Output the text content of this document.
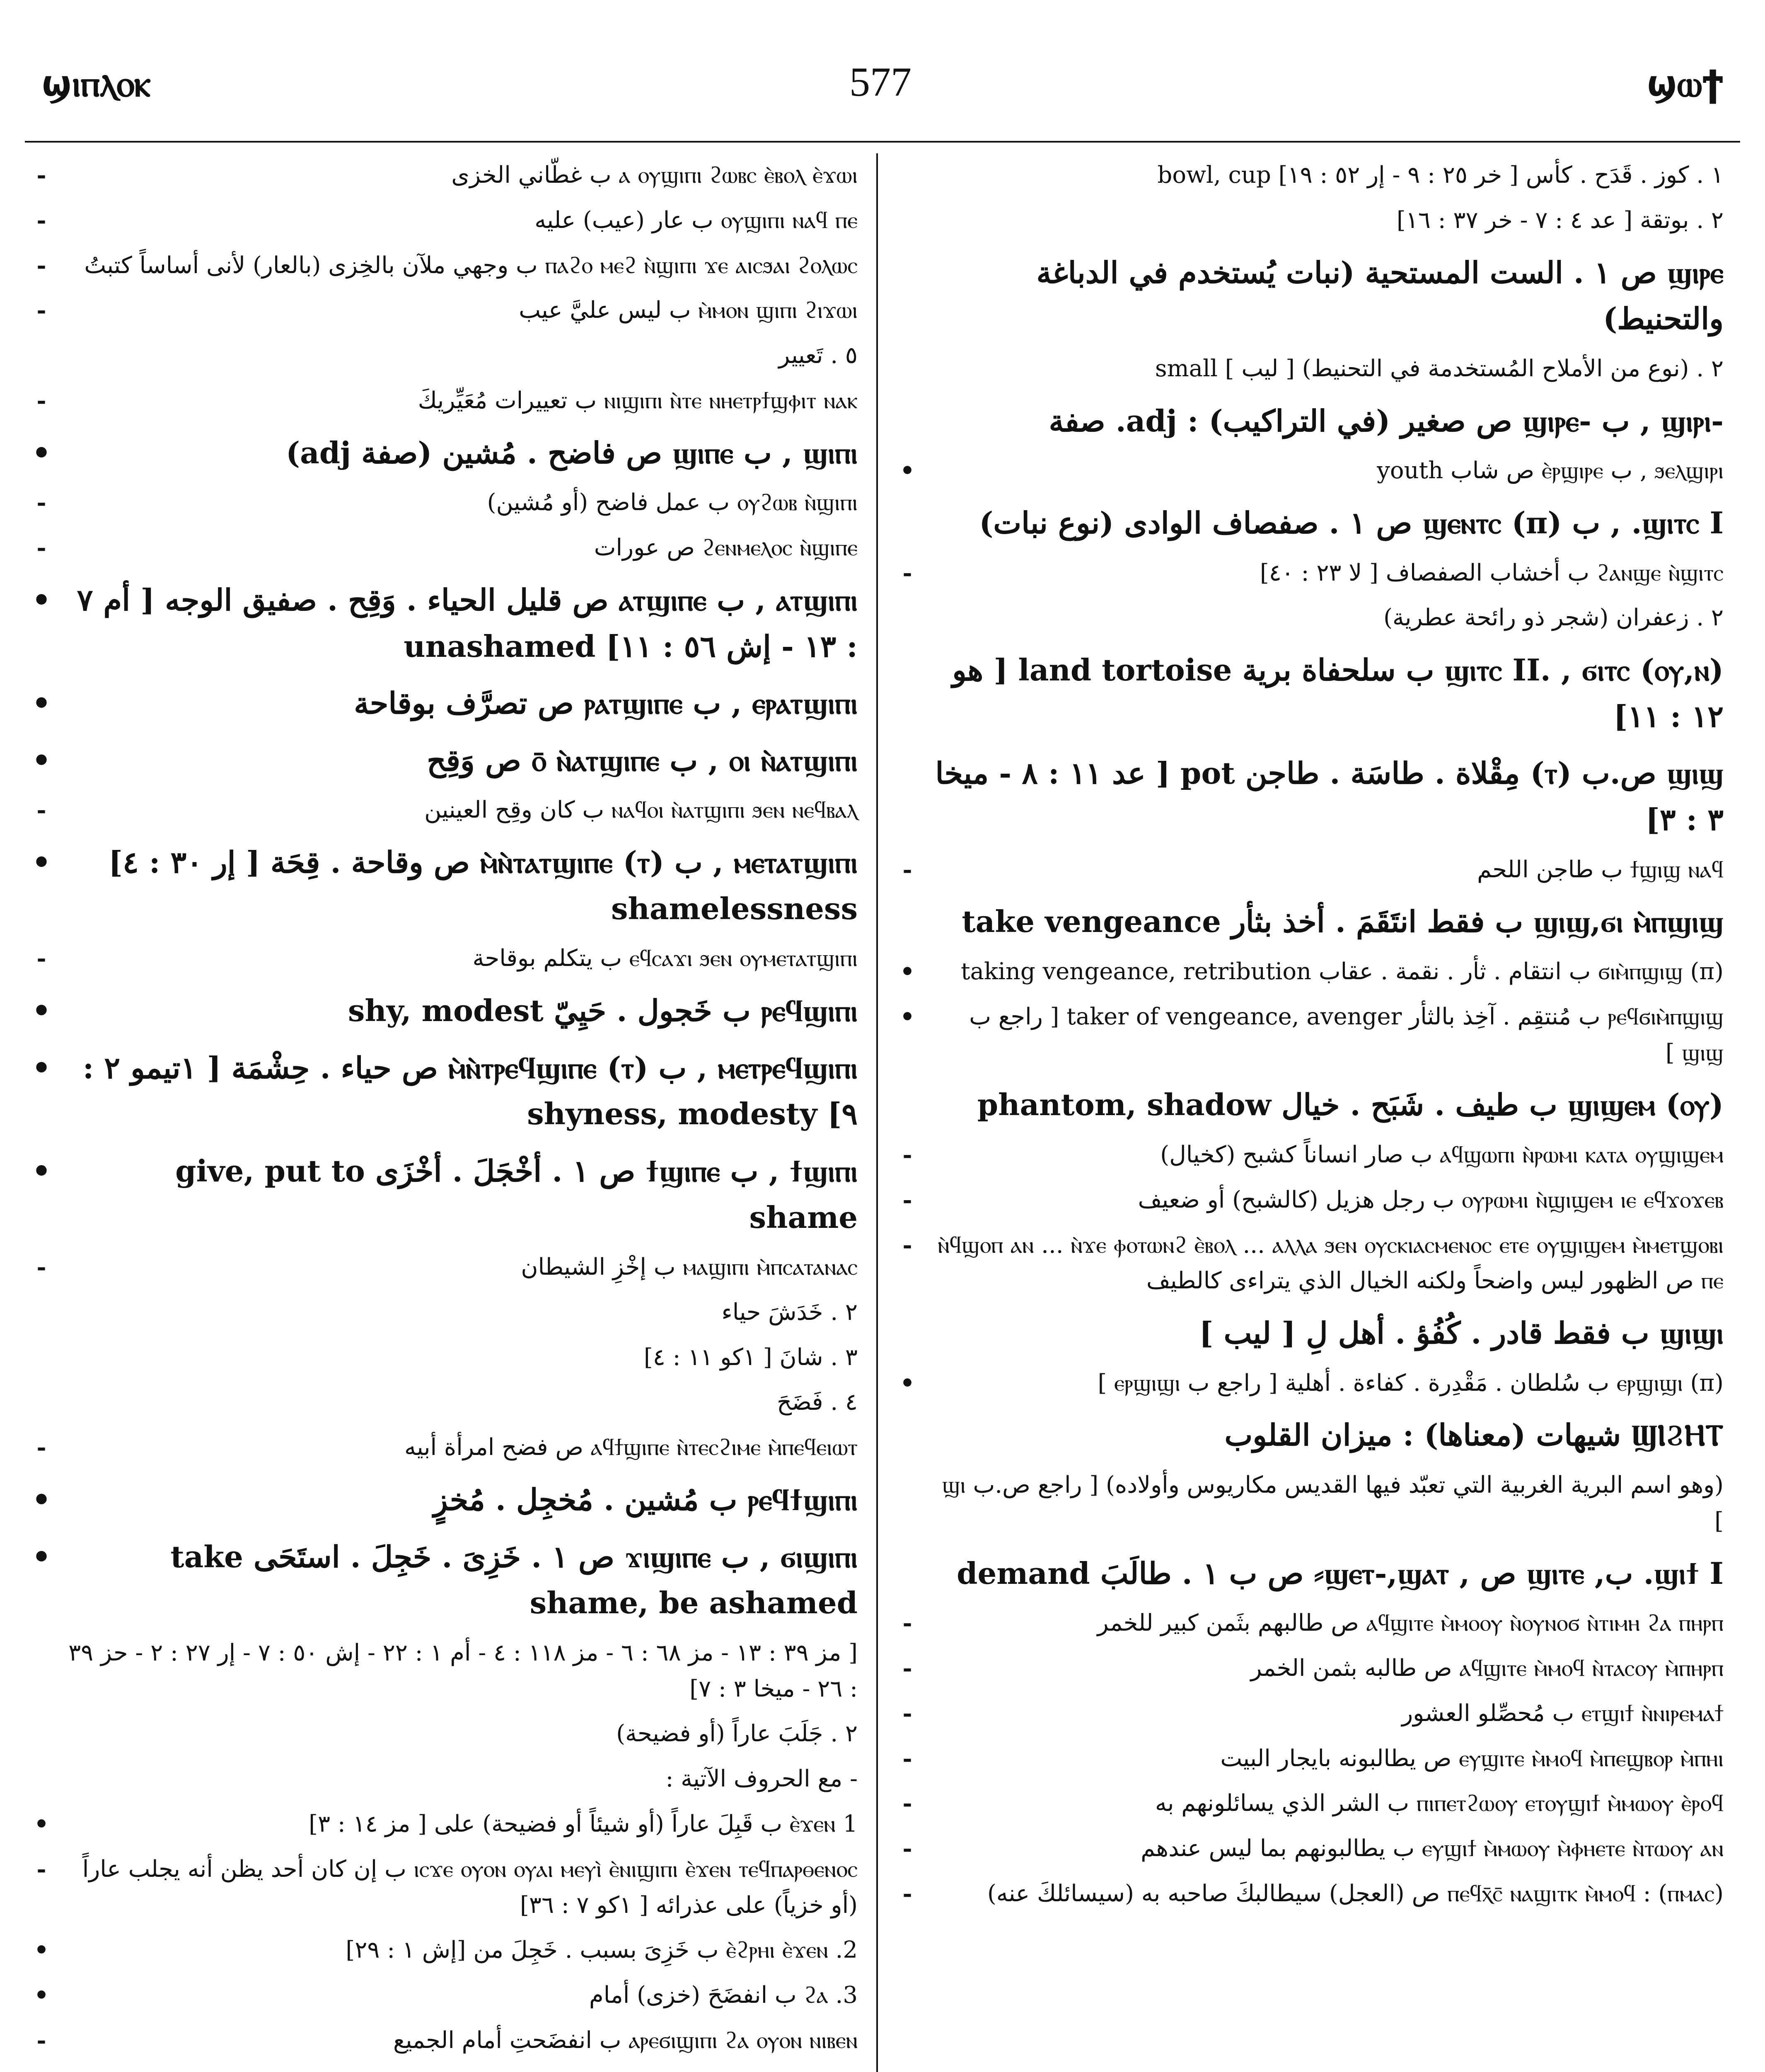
ϣⲓⲡⲗⲟⲕ	577	ϣⲱϯ
-	ⲁ ⲟⲩϣⲓⲡⲓ ϩⲱⲃⲥ ⲉ̀ⲃⲟⲗ ⲉ̀ϫⲱⲓ ب غطّاني الخزى
-	ⲟⲩϣⲓⲡⲓ ⲛⲁϥ ⲡⲉ ب عار (عيب) عليه
-	ⲡⲁϩⲟ ⲙⲉϩ ⲛ̀ϣⲓⲡⲓ ϫⲉ ⲁⲓⲥϧⲁⲓ ϩⲟⲗⲱⲥ ب وجهي ملآن بالخِزى (بالعار) لأنى أساساً كتبتُ
-	ⲙ̀ⲙⲟⲛ ϣⲓⲡⲓ ϩⲓϫⲱⲓ ب ليس عليَّ عيب
٥ . تَعيير
-	ⲛⲓϣⲓⲡⲓ ⲛ̀ⲧⲉ ⲛⲏⲉⲧⲣϯϣⲫⲓⲧ ⲛⲁⲕ ب تعييرات مُعَيِّريكَ
•	ϣⲓⲡⲓ , ب ϣⲓⲡⲉ ص فاضح . مُشين (صفة adj)
-	ⲟⲩϩⲱⲃ ⲛ̀ϣⲓⲡⲓ ب عمل فاضح (أو مُشين)
-	ϩⲉⲛⲙⲉⲗⲟⲥ ⲛ̀ϣⲓⲡⲉ ص عورات
• ⲁⲧϣⲓⲡⲓ , ب ⲁⲧϣⲓⲡⲉ ص قليل الحياء . وَقِح . صفيق الوجه [ أم ٧ : ١٣ - إش ٥٦ : ١١] unashamed
•	ⲉⲣⲁⲧϣⲓⲡⲓ , ب ⲣⲁⲧϣⲓⲡⲉ ص تصرَّف بوقاحة
•	ⲟⲓ ⲛ̀ⲁⲧϣⲓⲡⲓ , ب ⲟ̄ ⲛ̀ⲁⲧϣⲓⲡⲉ ص وَقِح
-	ⲛⲁϥⲟⲓ ⲛ̀ⲁⲧϣⲓⲡⲓ ϧⲉⲛ ⲛⲉϥⲃⲁⲗ ب كان وقِح العينين
•	ⲙⲉⲧⲁⲧϣⲓⲡⲓ , ب ⲙ̀ⲛ̀ⲧⲁⲧϣⲓⲡⲉ (ⲧ) ص وقاحة . قِحَة [ إر ٣٠ : ٤] shamelessness
-	ⲉϥⲥⲁϫⲓ ϧⲉⲛ ⲟⲩⲙⲉⲧⲁⲧϣⲓⲡⲓ ب يتكلم بوقاحة
•	ⲣⲉϥϣⲓⲡⲓ ب خَجول . حَيِيّ shy, modest
•	ⲙⲉⲧⲣⲉϥϣⲓⲡⲓ , ب ⲙ̀ⲛ̀ⲧⲣⲉϥϣⲓⲡⲉ (ⲧ) ص حياء . حِشْمَة [ ١تيمو ٢ : ٩] shyness, modesty
•	ϯϣⲓⲡⲓ , ب ϯϣⲓⲡⲉ ص ١ . أخْجَلَ . أخْزَى give, put to shame
-	ⲙⲁϣⲓⲡⲓ ⲙ̀ⲡⲥⲁⲧⲁⲛⲁⲥ ب إخْزِ الشيطان
٢ . خَدَشَ حياء
٣ . شانَ [ ١كو ١١ : ٤]
٤ . فَضَحَ
-	ⲁϥϯϣⲓⲡⲉ ⲛ̀ⲧⲉⲥϩⲓⲙⲉ ⲙ̀ⲡⲉϥⲉⲓⲱⲧ ص فضح امرأة أبيه
•	ⲣⲉϥϯϣⲓⲡⲓ ب مُشين . مُخجِل . مُخزٍ
•	ϭⲓϣⲓⲡⲓ , ب ϫⲓϣⲓⲡⲉ ص ١ . خَزِىَ . خَجِلَ . استَحَى take shame, be ashamed
[ مز ٣٩ : ١٣ - مز ٦٨ : ٦ - مز ١١٨ : ٤ - أم ١ : ٢٢ - إش ٥٠ : ٧ - إر ٢٧ : ٢ - حز ٣٩ : ٢٦ - ميخا ٣ : ٧]
٢ . جَلَبَ عاراً (أو فضيحة)
- مع الحروف الآتية :
•	1 ⲉ̀ϫⲉⲛ ب قَبِلَ عاراً (أو شيئاً أو فضيحة) على [ مز ١٤ : ٣]
-	ⲓⲥϫⲉ ⲟⲩⲟⲛ ⲟⲩⲁⲓ ⲙⲉⲩⲓ̀ ⲉ̀ⲛⲓϣⲓⲡⲓ ⲉ̀ϫⲉⲛ ⲧⲉϥⲡⲁⲣⲑⲉⲛⲟⲥ ب إن كان أحد يظن أنه يجلب عاراً (أو خزياً) على عذرائه [ ١كو ٧ : ٣٦]
•	2. ⲉ̀ϩⲣⲏⲓ ⲉ̀ϫⲉⲛ ب خَزِىَ بسبب . خَجِلَ من [إش ١ : ٢٩]
•	3. ϩⲁ ب انفضَحَ (خزى) أمام
-	ⲁⲣⲉϭⲓϣⲓⲡⲓ ϩⲁ ⲟⲩⲟⲛ ⲛⲓⲃⲉⲛ ب انفضَحتِ أمام الجميع
١ . كوز . قَدَح . كأس [ خر ٢٥ : ٩ - إر ٥٢ : ١٩] bowl, cup
٢ . بوتقة [ عد ٤ : ٧ - خر ٣٧ : ١٦]
ϣⲓⲣⲉ ص ١ . الست المستحية (نبات يُستخدم في الدباغة والتحنيط)
٢ . (نوع من الأملاح المُستخدمة في التحنيط) [ ليب ] small
-ϣⲓⲣⲓ , ب -ϣⲓⲣⲉ ص صغير (في التراكيب) : adj. صفة
•	ϧⲉⲗϣⲓⲣⲓ , ب ⲉ̀ⲣϣⲓⲣⲉ ص شاب youth
ϣⲓⲧⲥ I. , ب ϣⲉⲛⲧⲥ (π) ص ١ . صفصاف الوادى (نوع نبات)
-	ϩⲁⲛϣⲉ ⲛ̀ϣⲓⲧⲥ ب أخشاب الصفصاف [ لا ٢٣ : ٤٠]
٢ . زعفران (شجر ذو رائحة عطرية)
ϣⲓⲧⲥ II. , ϭⲓⲧⲥ (ⲟⲩ,ⲛ) ب سلحفاة برية land tortoise [ هو ١٢ : ١١]
ϣⲓϣ ص.ب (ⲧ) مِقْلاة . طاسَة . طاجن pot [ عد ١١ : ٨ - ميخا ٣ : ٣]
-	ϯϣⲓϣ ⲛⲁϥ ب طاجن اللحم
ϣⲓϣ,ϭⲓ ⲙ̀ⲡϣⲓϣ ب فقط انتَقَمَ . أخذ بثأر take vengeance
•	ϭⲓⲙ̀ⲡϣⲓϣ (π) ب انتقام . ثأر . نقمة . عقاب taking vengeance, retribution
•	ⲣⲉϥϭⲓⲙ̀ⲡϣⲓϣ ب مُنتقِم . آخِذ بالثأر taker of vengeance, avenger [ راجع ب ϣⲓϣ ]
ϣⲓϣⲉⲙ (ⲟⲩ) ب طيف . شَبَح . خيال phantom, shadow
-	ⲁϥϣⲱⲡⲓ ⲛ̀ⲣⲱⲙⲓ ⲕⲁⲧⲁ ⲟⲩϣⲓϣⲉⲙ ب صار انساناً كشبح (كخيال)
-	ⲟⲩⲣⲱⲙⲓ ⲛ̀ϣⲓϣⲉⲙ ⲓⲉ ⲉϥϫⲟϫⲉⲃ ب رجل هزيل (كالشبح) أو ضعيف
-	ⲛ̀ϥϣⲟⲡ ⲁⲛ ... ⲛ̀ϫⲉ ⲫⲟⲧⲱⲛϩ ⲉ̀ⲃⲟⲗ ... ⲁⲗⲗⲁ ϧⲉⲛ ⲟⲩⲥⲕⲓⲁⲥⲙⲉⲛⲟⲥ ⲉⲧⲉ ⲟⲩϣⲓϣⲉⲙ ⲙ̀ⲙⲉⲧϣⲟⲃⲓ ⲡⲉ ص الظهور ليس واضحاً ولكنه الخيال الذي يتراءى كالطيف
ϣⲓϣⲓ ب فقط قادر . كُفُؤ . أهل لِ [ ليب ]
•	ⲉⲣϣⲓϣⲓ (π) ب سُلطان . مَقْدِرة . كفاءة . أهلية [ راجع ب ⲉⲣϣⲓϣⲓ ]
ϢⲒϨⲎⲦ شيهات (معناها) : ميزان القلوب
(وهو اسم البرية الغربية التي تعبّد فيها القديس مكاريوس وأولاده) [ راجع ص.ب ϣⲓ ]
ϣⲓϯ I. ب, ϣⲓⲧⲉ ص , ϣⲉⲧ-,ϣⲁⲧ⸗ ص ب ١ . طالَبَ demand
-	ⲁϥϣⲓⲧⲉ ⲙ̀ⲙⲟⲟⲩ ⲛ̀ⲟⲩⲛⲟϭ ⲛ̀ⲧⲓⲙⲏ ϩⲁ ⲡⲏⲣⲡ ص طالبهم بثَمن كبير للخمر
-	ⲁϥϣⲓⲧⲉ ⲙ̀ⲙⲟϥ ⲛ̀ⲧⲁⲥⲟⲩ ⲙ̀ⲡⲏⲣⲡ ص طالبه بثمن الخمر
-	ⲉⲧϣⲓϯ ⲛ̀ⲛⲓⲣⲉⲙⲁϯ ب مُحصِّلو العشور
-	ⲉⲩϣⲓⲧⲉ ⲙ̀ⲙⲟϥ ⲙ̀ⲡⲉϣⲃⲟⲣ ⲙ̀ⲡⲏⲓ ص يطالبونه بايجار البيت
-	ⲡⲓⲡⲉⲧϩⲱⲟⲩ ⲉⲧⲟⲩϣⲓϯ ⲙ̀ⲙⲱⲟⲩ ⲉ̀ⲣⲟϥ ب الشر الذي يسائلونهم به
-	ⲉⲩϣⲓϯ ⲙ̀ⲙⲱⲟⲩ ⲙ̀ⲫⲏⲉⲧⲉ ⲛ̀ⲧⲱⲟⲩ ⲁⲛ ب يطالبونهم بما ليس عندهم
-	(ⲡⲙⲁⲥ) : ⲡⲉϥⲭ̄ⲥ̄ ⲛⲁϣⲓⲧⲕ ⲙ̀ⲙⲟϥ ص (العجل) سيطالبكَ صاحبه به (سيسائلكَ عنه)
